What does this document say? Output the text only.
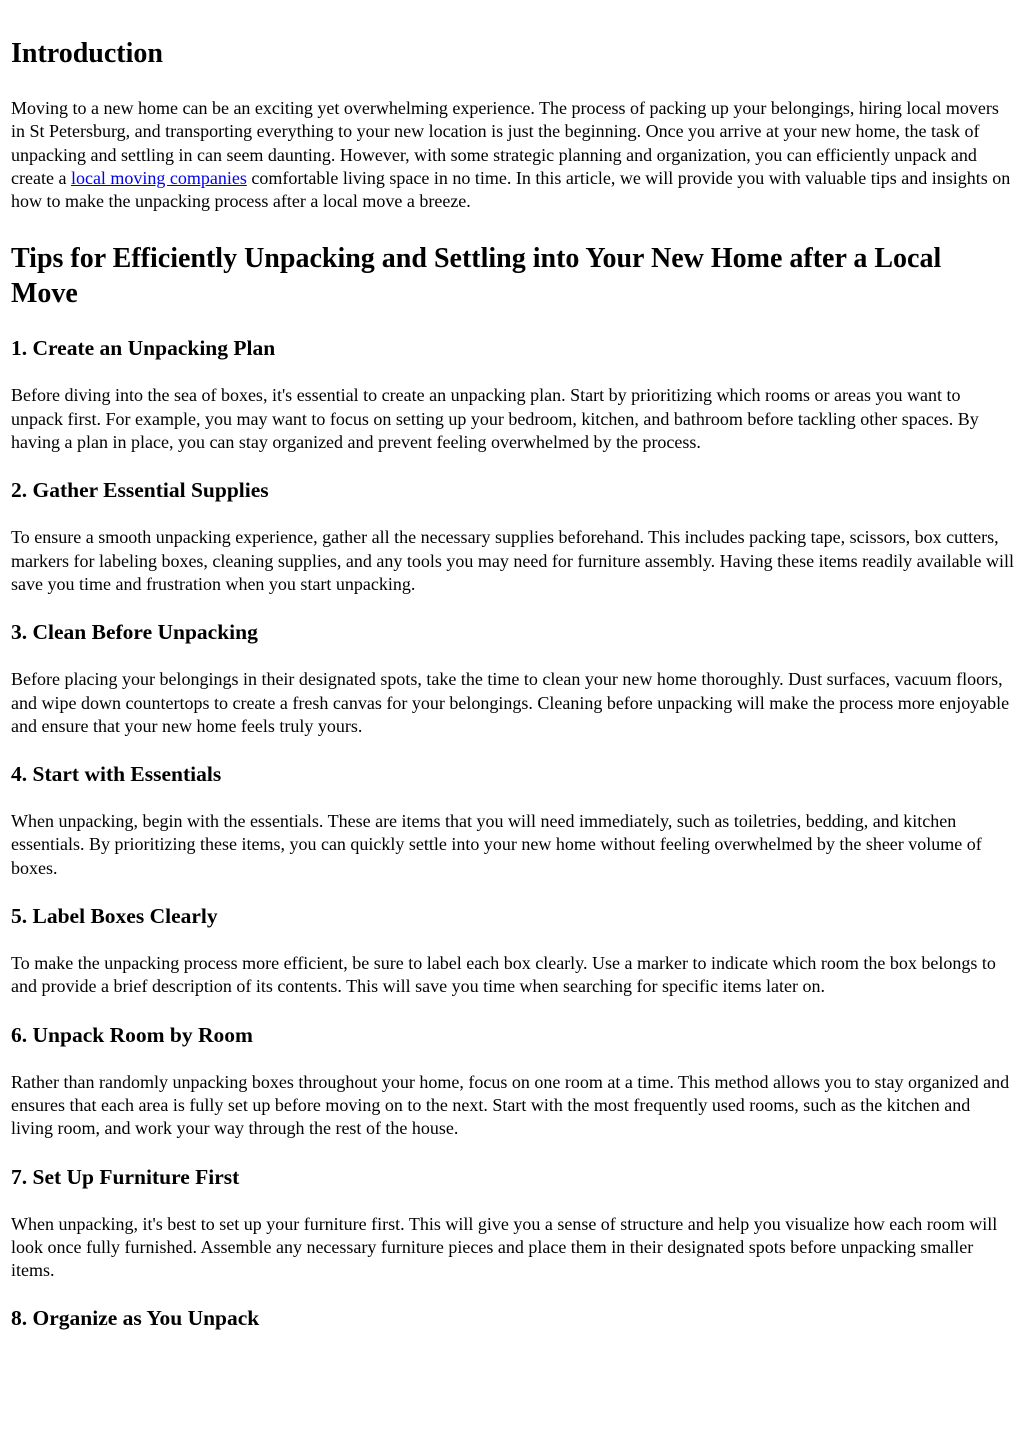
Introduction

Moving to a new home can be an exciting yet overwhelming experience. The process of packing up your belongings, hiring local movers in St Petersburg, and transporting everything to your new location is just the beginning. Once you arrive at your new home, the task of unpacking and settling in can seem daunting. However, with some strategic planning and organization, you can efficiently unpack and create a local moving companies comfortable living space in no time. In this article, we will provide you with valuable tips and insights on how to make the unpacking process after a local move a breeze.

Tips for Efficiently Unpacking and Settling into Your New Home after a Local Move
1. Create an Unpacking Plan

Before diving into the sea of boxes, it's essential to create an unpacking plan. Start by prioritizing which rooms or areas you want to unpack first. For example, you may want to focus on setting up your bedroom, kitchen, and bathroom before tackling other spaces. By having a plan in place, you can stay organized and prevent feeling overwhelmed by the process.

2. Gather Essential Supplies

To ensure a smooth unpacking experience, gather all the necessary supplies beforehand. This includes packing tape, scissors, box cutters, markers for labeling boxes, cleaning supplies, and any tools you may need for furniture assembly. Having these items readily available will save you time and frustration when you start unpacking.

3. Clean Before Unpacking

Before placing your belongings in their designated spots, take the time to clean your new home thoroughly. Dust surfaces, vacuum floors, and wipe down countertops to create a fresh canvas for your belongings. Cleaning before unpacking will make the process more enjoyable and ensure that your new home feels truly yours.

4. Start with Essentials

When unpacking, begin with the essentials. These are items that you will need immediately, such as toiletries, bedding, and kitchen essentials. By prioritizing these items, you can quickly settle into your new home without feeling overwhelmed by the sheer volume of boxes.

5. Label Boxes Clearly

To make the unpacking process more efficient, be sure to label each box clearly. Use a marker to indicate which room the box belongs to and provide a brief description of its contents. This will save you time when searching for specific items later on.

6. Unpack Room by Room

Rather than randomly unpacking boxes throughout your home, focus on one room at a time. This method allows you to stay organized and ensures that each area is fully set up before moving on to the next. Start with the most frequently used rooms, such as the kitchen and living room, and work your way through the rest of the house.

7. Set Up Furniture First

When unpacking, it's best to set up your furniture first. This will give you a sense of structure and help you visualize how each room will look once fully furnished. Assemble any necessary furniture pieces and place them in their designated spots before unpacking smaller items.

8. Organize as You Unpack
